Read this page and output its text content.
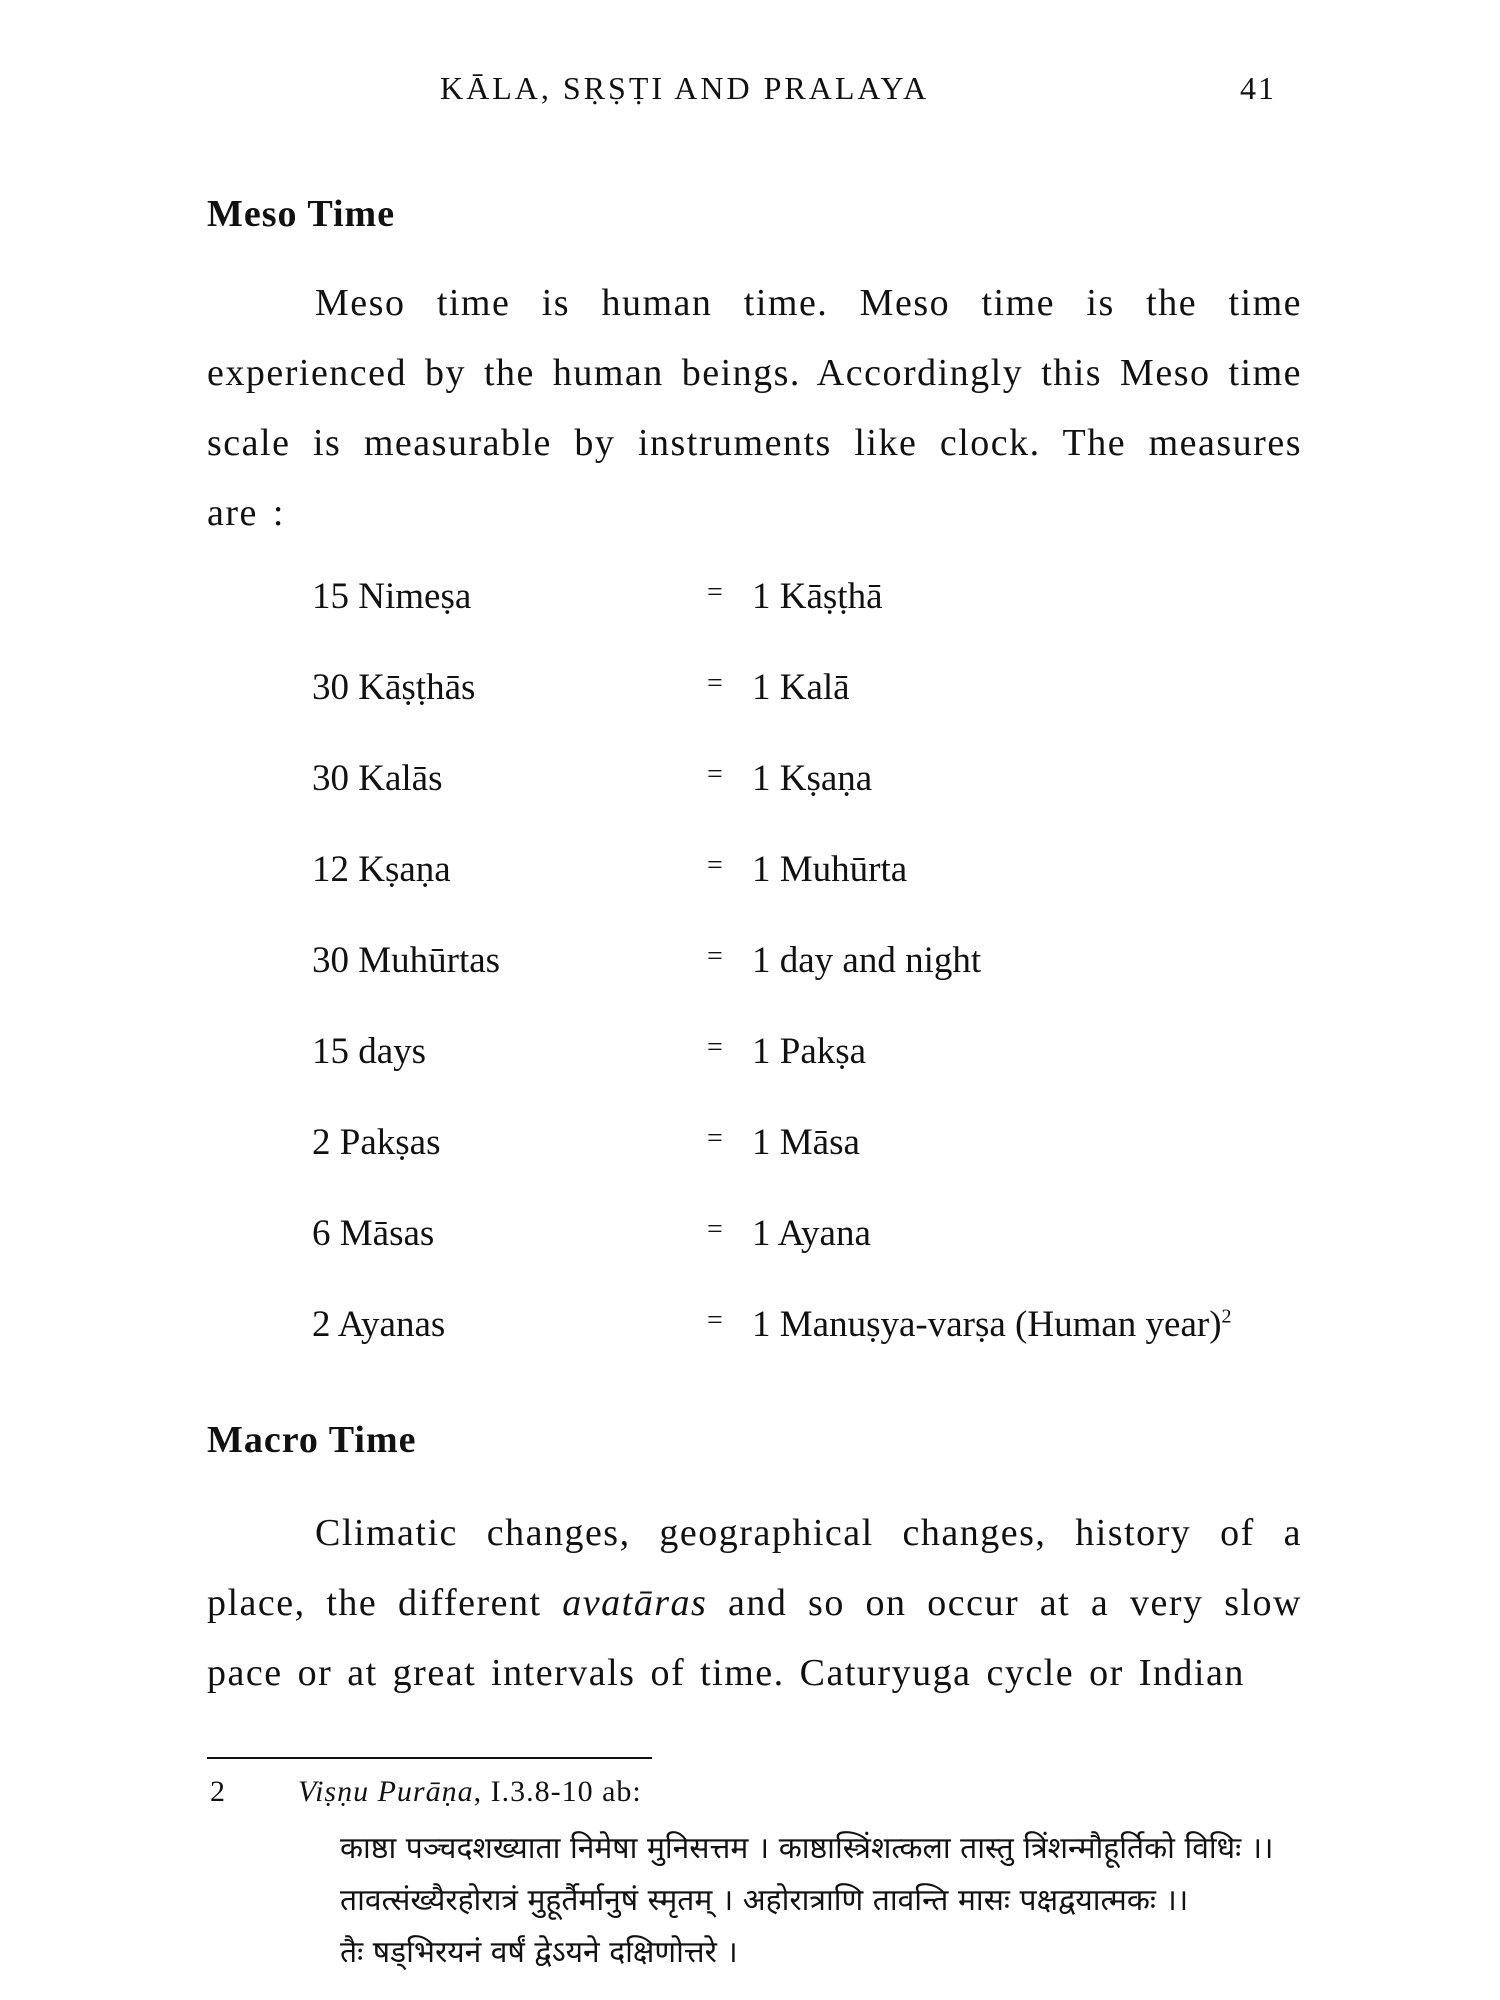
KĀLA, SṚṢṬI AND PRALAYA	41
Meso Time

Meso time is human time. Meso time is the time experienced by the human beings. Accordingly this Meso time scale is measurable by instruments like clock. The measures are :

15 Nimeṣa	= 1 Kāṣṭhā
30 Kāṣṭhās	= 1 Kalā
30 Kalās	= 1 Kṣaṇa
12 Kṣaṇa	= 1 Muhūrta
30 Muhūrtas	= 1 day and night
15 days	= 1 Pakṣa
2 Pakṣas	= 1 Māsa
6 Māsas	= 1 Ayana
2 Ayanas	= 1 Manuṣya-varṣa (Human year)$^2$
Macro Time

Climatic changes, geographical changes, history of a place, the different avatāras and so on occur at a very slow pace or at great intervals of time. Caturyuga cycle or Indian

2 Viṣṇu Purāṇa, I.3.8-10 ab:
काष्ठा पञ्चदशख्याता निमेषा मुनिसत्तम । काष्ठास्त्रिंशत्कला तास्तु त्रिंशन्मौहूर्तिको विधिः ।।
तावत्संख्यैरहोरात्रं मुहूर्तैर्मानुषं स्मृतम् । अहोरात्राणि तावन्ति मासः पक्षद्वयात्मकः ।।
तैः षड्भिरयनं वर्षं द्वेऽयने दक्षिणोत्तरे ।
